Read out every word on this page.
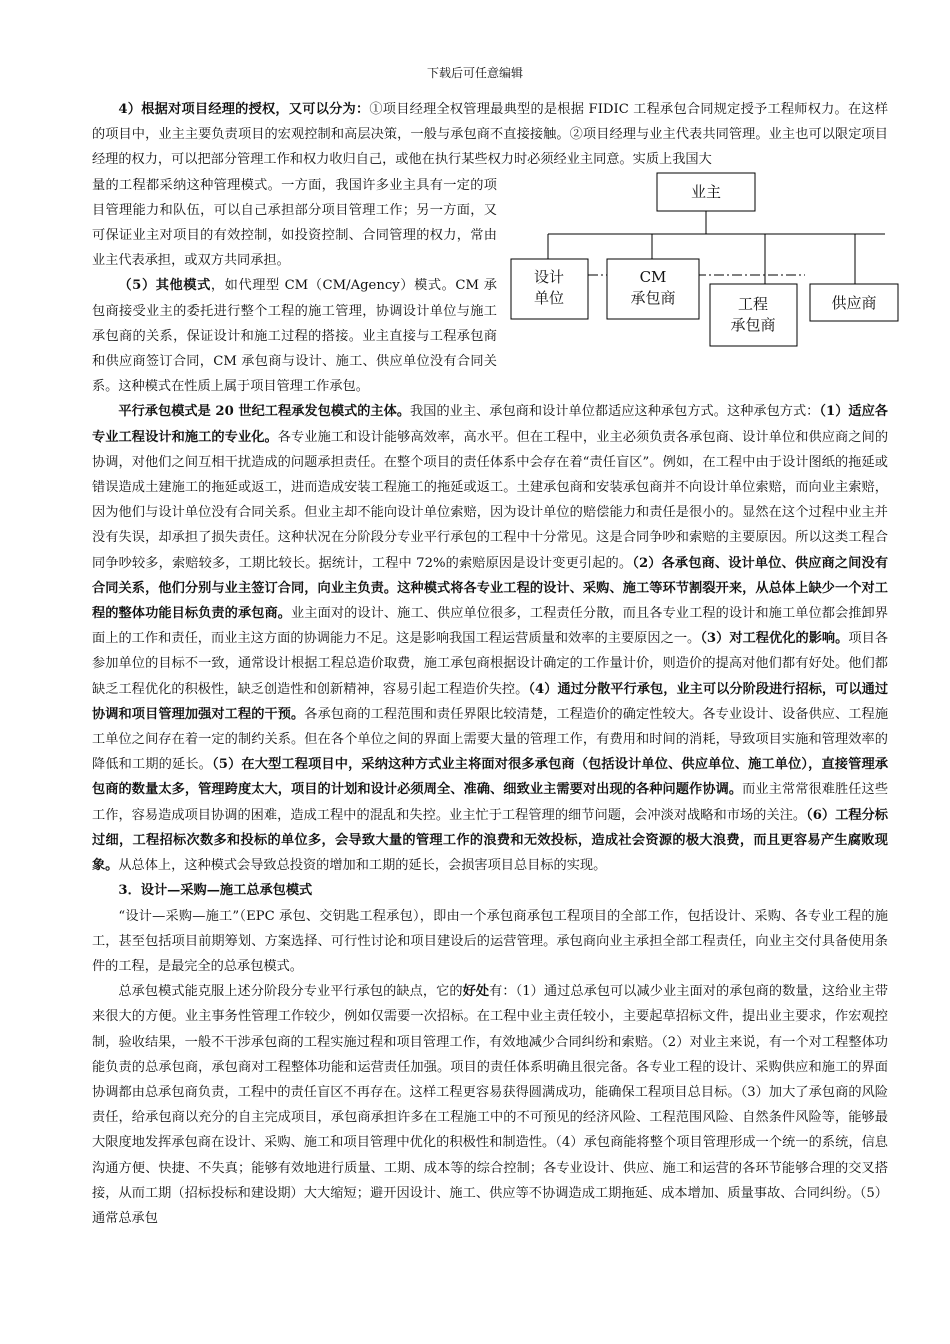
下载后可任意编辑

4）根据对项目经理的授权，又可以分为：①项目经理全权管理最典型的是根据 FIDIC 工程承包合同规定授予工程师权力。在这样的项目中，业主主要负责项目的宏观控制和高层决策，一般与承包商不直接接触。②项目经理与业主代表共同管理。业主也可以限定项目经理的权力，可以把部分管理工作和权力收归自己，或他在执行某些权力时必须经业主同意。实质上我国大

量的工程都采纳这种管理模式。一方面，我国许多业主具有一定的项目管理能力和队伍，可以自己承担部分项目管理工作；另一方面，又可保证业主对项目的有效控制，如投资控制、合同管理的权力，常由业主代表承担，或双方共同承担。

（5）其他模式，如代理型 CM（CM/Agency）模式。CM 承包商接受业主的委托进行整个工程的施工管理，协调设计单位与施工承包商的关系，保证设计和施工过程的搭接。业主直接与工程承包商和供应商签订合同，CM 承包商与设计、施工、供应单位没有合同关系。这种模式在性质上属于项目管理工作承包。

业主
设计
单位
CM
承包商	工程
承包商
供应商

平行承包模式是 20 世纪工程承发包模式的主体。我国的业主、承包商和设计单位都适应这种承包方式。这种承包方式：（1）适应各专业工程设计和施工的专业化。各专业施工和设计能够高效率，高水平。但在工程中，业主必须负责各承包商、设计单位和供应商之间的协调，对他们之间互相干扰造成的问题承担责任。在整个项目的责任体系中会存在着“责任盲区”。例如，在工程中由于设计图纸的拖延或错误造成土建施工的拖延或返工，进而造成安装工程施工的拖延或返工。土建承包商和安装承包商并不向设计单位索赔，而向业主索赔，因为他们与设计单位没有合同关系。但业主却不能向设计单位索赔，因为设计单位的赔偿能力和责任是很小的。显然在这个过程中业主并没有失误，却承担了损失责任。这种状况在分阶段分专业平行承包的工程中十分常见。这是合同争吵和索赔的主要原因。所以这类工程合同争吵较多，索赔较多，工期比较长。据统计，工程中 72%的索赔原因是设计变更引起的。（2）各承包商、设计单位、供应商之间没有合同关系，他们分别与业主签订合同，向业主负责。这种模式将各专业工程的设计、采购、施工等环节割裂开来，从总体上缺少一个对工程的整体功能目标负责的承包商。业主面对的设计、施工、供应单位很多，工程责任分散，而且各专业工程的设计和施工单位都会推卸界面上的工作和责任，而业主这方面的协调能力不足。这是影响我国工程运营质量和效率的主要原因之一。（3）对工程优化的影响。项目各参加单位的目标不一致，通常设计根据工程总造价取费，施工承包商根据设计确定的工作量计价，则造价的提高对他们都有好处。他们都缺乏工程优化的积极性，缺乏创造性和创新精神，容易引起工程造价失控。（4）通过分散平行承包，业主可以分阶段进行招标，可以通过协调和项目管理加强对工程的干预。各承包商的工程范围和责任界限比较清楚，工程造价的确定性较大。各专业设计、设备供应、工程施工单位之间存在着一定的制约关系。但在各个单位之间的界面上需要大量的管理工作，有费用和时间的消耗，导致项目实施和管理效率的降低和工期的延长。（5）在大型工程项目中，采纳这种方式业主将面对很多承包商（包括设计单位、供应单位、施工单位），直接管理承包商的数量太多，管理跨度太大，项目的计划和设计必须周全、准确、细致业主需要对出现的各种问题作协调。而业主常常很难胜任这些工作，容易造成项目协调的困难，造成工程中的混乱和失控。业主忙于工程管理的细节问题，会冲淡对战略和市场的关注。（6）工程分标过细，工程招标次数多和投标的单位多，会导致大量的管理工作的浪费和无效投标，造成社会资源的极大浪费，而且更容易产生腐败现象。从总体上，这种模式会导致总投资的增加和工期的延长，会损害项目总目标的实现。

3．设计—采购—施工总承包模式

“设计—采购—施工”（EPC 承包、交钥匙工程承包），即由一个承包商承包工程项目的全部工作，包括设计、采购、各专业工程的施工，甚至包括项目前期筹划、方案选择、可行性讨论和项目建设后的运营管理。承包商向业主承担全部工程责任，向业主交付具备使用条件的工程，是最完全的总承包模式。

总承包模式能克服上述分阶段分专业平行承包的缺点，它的好处有：（1）通过总承包可以减少业主面对的承包商的数量，这给业主带来很大的方便。业主事务性管理工作较少，例如仅需要一次招标。在工程中业主责任较小，主要起草招标文件，提出业主要求，作宏观控制，验收结果，一般不干涉承包商的工程实施过程和项目管理工作，有效地减少合同纠纷和索赔。（2）对业主来说，有一个对工程整体功能负责的总承包商，承包商对工程整体功能和运营责任加强。项目的责任体系明确且很完备。各专业工程的设计、采购供应和施工的界面协调都由总承包商负责，工程中的责任盲区不再存在。这样工程更容易获得圆满成功，能确保工程项目总目标。（3）加大了承包商的风险责任，给承包商以充分的自主完成项目，承包商承担许多在工程施工中的不可预见的经济风险、工程范围风险、自然条件风险等，能够最大限度地发挥承包商在设计、采购、施工和项目管理中优化的积极性和制造性。（4）承包商能将整个项目管理形成一个统一的系统，信息沟通方便、快捷、不失真；能够有效地进行质量、工期、成本等的综合控制；各专业设计、供应、施工和运营的各环节能够合理的交叉搭接，从而工期（招标投标和建设期）大大缩短；避开因设计、施工、供应等不协调造成工期拖延、成本增加、质量事故、合同纠纷。（5）通常总承包
